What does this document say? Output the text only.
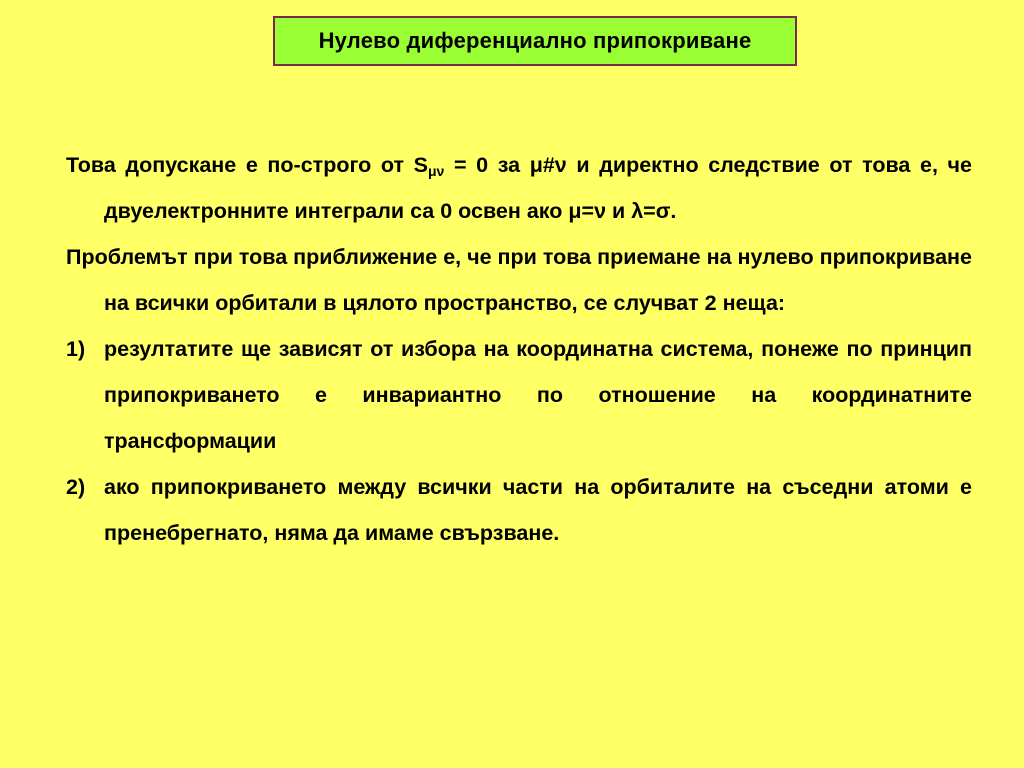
Нулево диференциално припокриване

Това допускане е по-строго от $S_{\mu\nu} = 0$ за μ#ν и директно следствие от това е, че двуелектронните интеграли са 0 освен ако μ=ν и λ=σ.

Проблемът при това приближение е, че при това приемане на нулево припокриване на всички орбитали в цялото пространство, се случват 2 неща:

1) резултатите ще зависят от избора на координатна система, понеже по принцип припокриването е инвариантно по отношение на координатните трансформации
2) ако припокриването между всички части на орбиталите на съседни атоми е пренебрегнато, няма да имаме свързване.
